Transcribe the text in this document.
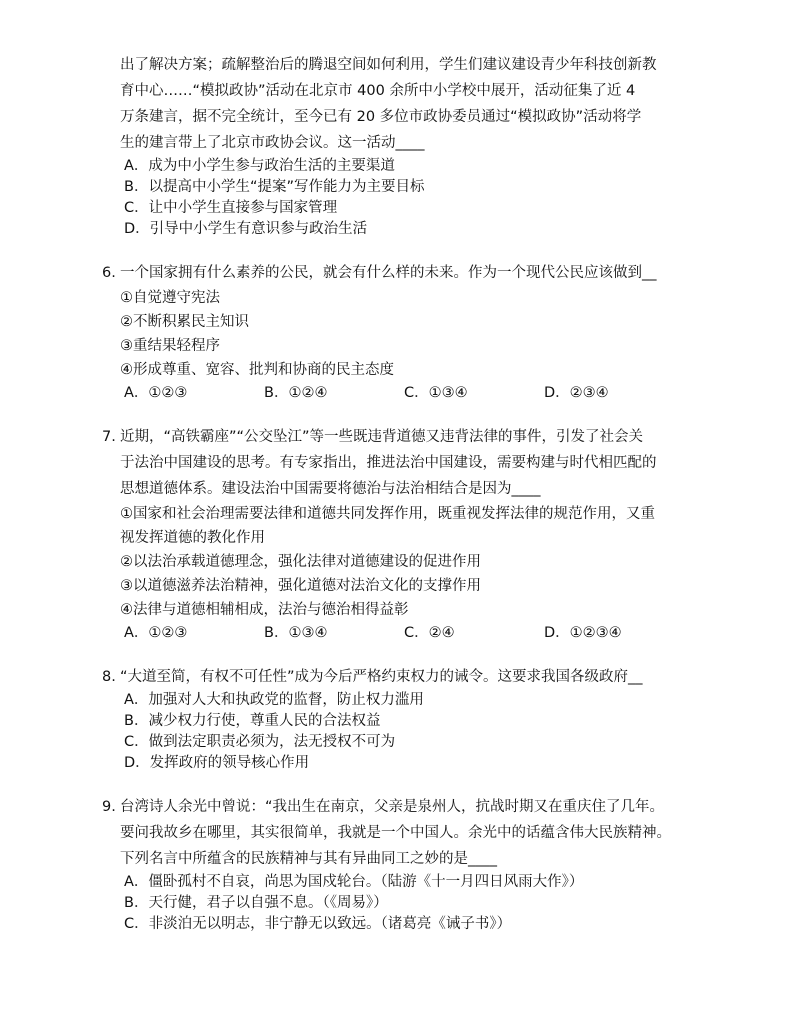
出了解决方案；疏解整治后的腾退空间如何利用，学生们建议建设青少年科技创新教
育中心……“模拟政协”活动在北京市 400 余所中小学校中展开，活动征集了近 4
万条建言，据不完全统计，至今已有 20 多位市政协委员通过“模拟政协”活动将学
生的建言带上了北京市政协会议。这一活动____
A．成为中小学生参与政治生活的主要渠道
B．以提高中小学生“提案”写作能力为主要目标
C．让中小学生直接参与国家管理
D．引导中小学生有意识参与政治生活
6. 一个国家拥有什么素养的公民，就会有什么样的未来。作为一个现代公民应该做到__
①自觉遵守宪法
②不断积累民主知识
③重结果轻程序
④形成尊重、宽容、批判和协商的民主态度
A．①②③	B．①②④	C．①③④	D．②③④
7. 近期，“高铁霸座”“公交坠江”等一些既违背道德又违背法律的事件，引发了社会关
于法治中国建设的思考。有专家指出，推进法治中国建设，需要构建与时代相匹配的
思想道德体系。建设法治中国需要将德治与法治相结合是因为____
①国家和社会治理需要法律和道德共同发挥作用，既重视发挥法律的规范作用，又重
视发挥道德的教化作用
②以法治承载道德理念，强化法律对道德建设的促进作用
③以道德滋养法治精神，强化道德对法治文化的支撑作用
④法律与道德相辅相成，法治与德治相得益彰
A．①②③	B．①③④	C．②④	D．①②③④
8. “大道至简，有权不可任性”成为今后严格约束权力的诫令。这要求我国各级政府__
A．加强对人大和执政党的监督，防止权力滥用
B．减少权力行使，尊重人民的合法权益
C．做到法定职责必须为，法无授权不可为
D．发挥政府的领导核心作用
9. 台湾诗人余光中曾说：“我出生在南京，父亲是泉州人，抗战时期又在重庆住了几年。
要问我故乡在哪里，其实很简单，我就是一个中国人。余光中的话蕴含伟大民族精神。
下列名言中所蕴含的民族精神与其有异曲同工之妙的是____
A．僵卧孤村不自哀，尚思为国戍轮台。（陆游《十一月四日风雨大作》）
B．天行健，君子以自强不息。（《周易》）
C．非淡泊无以明志，非宁静无以致远。（诸葛亮《诫子书》）
